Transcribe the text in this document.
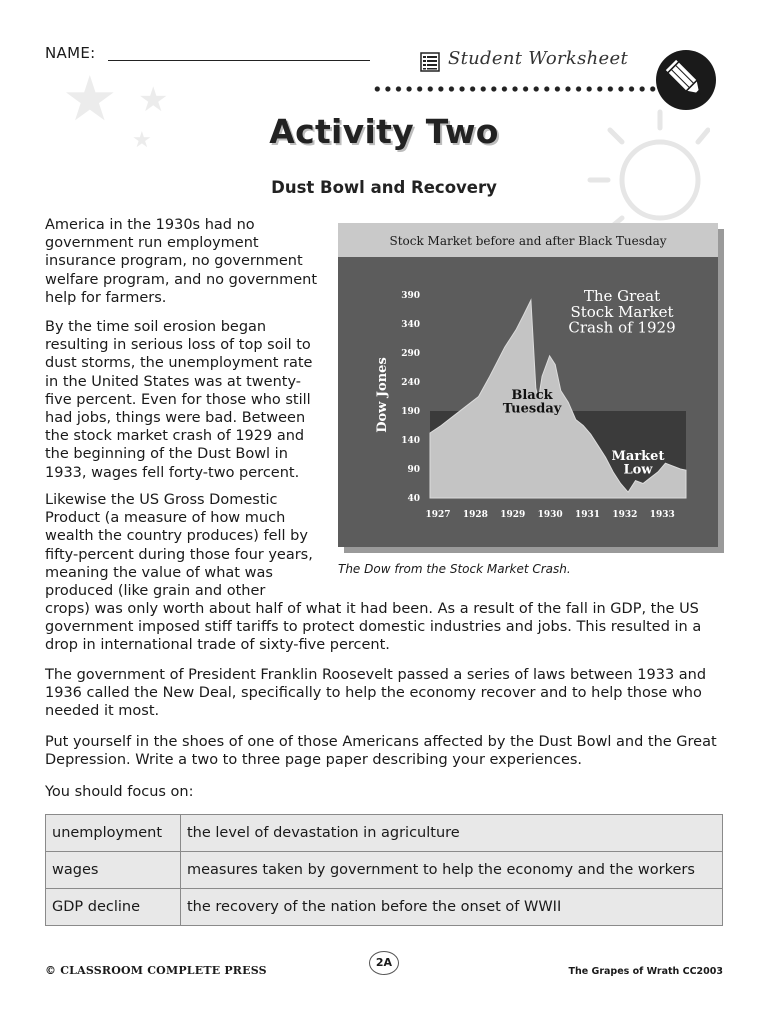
★ ★
★
NAME:	Student Worksheet
Activity Two
Dust Bowl and Recovery
America in the 1930s had no government run employment insurance program, no government welfare program, and no government help for farmers.
By the time soil erosion began resulting in serious loss of top soil to dust storms, the unemployment rate in the United States was at twenty-five percent. Even for those who still had jobs, things were bad. Between the stock market crash of 1929 and the beginning of the Dust Bowl in 1933, wages fell forty-two percent.
Likewise the US Gross Domestic Product (a measure of how much wealth the country produces) fell by fifty-percent during those four years, meaning the value of what was produced (like grain and other
crops) was only worth about half of what it had been. As a result of the fall in GDP, the US government imposed stiff tariffs to protect domestic industries and jobs. This resulted in a drop in international trade of sixty-five percent.
The government of President Franklin Roosevelt passed a series of laws between 1933 and 1936 called the New Deal, specifically to help the economy recover and to help those who needed it most.
Put yourself in the shoes of one of those Americans affected by the Dust Bowl and the Great Depression. Write a two to three page paper describing your experiences.
You should focus on:
Stock Market before and after Black Tuesday
390
340
290
240
190
140
90
40
1927 1928 1929 1930 1931 1932 1933
Dow Jones
The Great Stock Market Crash of 1929
Black Tuesday
Market Low
The Dow from the Stock Market Crash.
unemployment	the level of devastation in agriculture
wages	measures taken by government to help the economy and the workers
GDP decline	the recovery of the nation before the onset of WWII
© CLASSROOM COMPLETE PRESS
2A
The Grapes of Wrath CC2003
